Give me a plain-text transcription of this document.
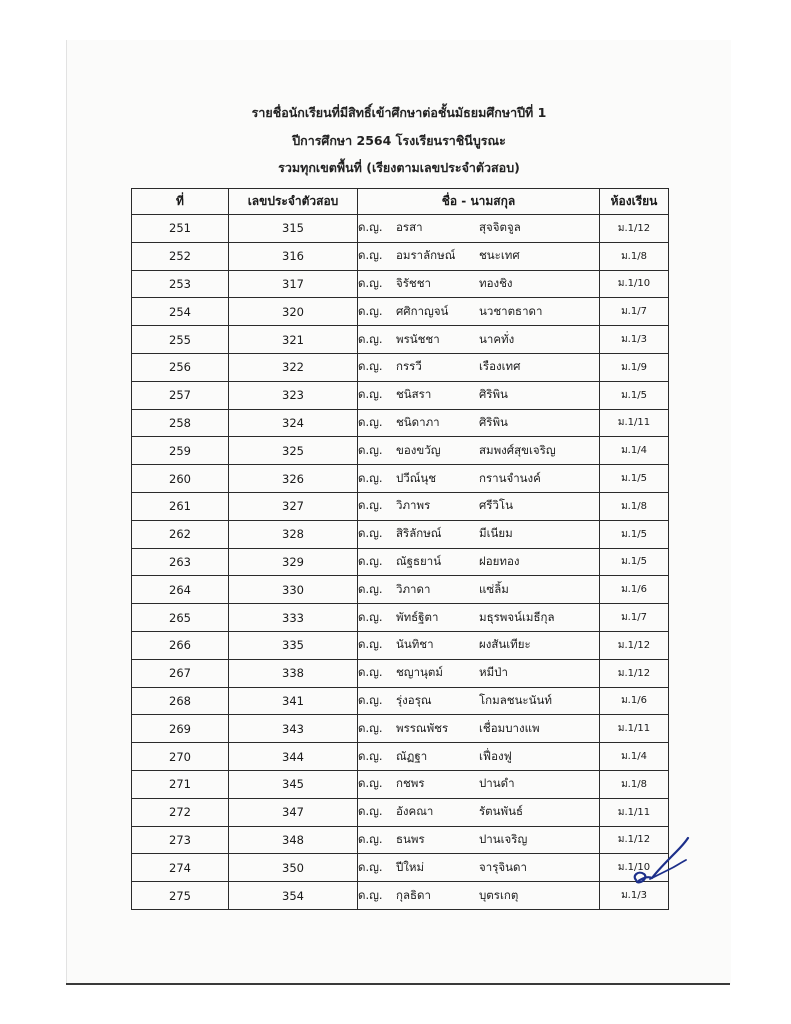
รายชื่อนักเรียนที่มีสิทธิ์เข้าศึกษาต่อชั้นมัธยมศึกษาปีที่ 1
ปีการศึกษา 2564 โรงเรียนราชินีบูรณะ
รวมทุกเขตพื้นที่ (เรียงตามเลขประจำตัวสอบ)
ที่	เลขประจำตัวสอบ	ชื่อ - นามสกุล	ห้องเรียน
251	315	ด.ญ. อรสา สุจจิตจูล	ม.1/12
252	316	ด.ญ. อมราลักษณ์ ชนะเทศ	ม.1/8
253	317	ด.ญ. จิรัชชา ทองชิง	ม.1/10
254	320	ด.ญ. ศศิกาญจน์ นวชาตธาดา	ม.1/7
255	321	ด.ญ. พรนัชชา นาคทั่ง	ม.1/3
256	322	ด.ญ. กรรวี เรืองเทศ	ม.1/9
257	323	ด.ญ. ชนิสรา ศิริพิน	ม.1/5
258	324	ด.ญ. ชนิดาภา ศิริพิน	ม.1/11
259	325	ด.ญ. ของขวัญ สมพงศ์สุขเจริญ	ม.1/4
260	326	ด.ญ. ปวีณ์นุช กรานจำนงค์	ม.1/5
261	327	ด.ญ. วิภาพร ศรีวิโน	ม.1/8
262	328	ด.ญ. สิริลักษณ์ มีเนียม	ม.1/5
263	329	ด.ญ. ณัฐธยาน์ ฝอยทอง	ม.1/5
264	330	ด.ญ. วิภาดา แซ่ลิ้ม	ม.1/6
265	333	ด.ญ. พัทธ์ฐิตา มธุรพจน์เมธีกุล	ม.1/7
266	335	ด.ญ. นันทิชา ผงสันเทียะ	ม.1/12
267	338	ด.ญ. ชญานุตม์ หมีป่า	ม.1/12
268	341	ด.ญ. รุ่งอรุณ โกมลชนะนันท์	ม.1/6
269	343	ด.ญ. พรรณพัชร เชื่อมบางแพ	ม.1/11
270	344	ด.ญ. ณัฏฐา เฟื่องฟู	ม.1/4
271	345	ด.ญ. กชพร ปานดำ	ม.1/8
272	347	ด.ญ. อังคณา รัตนพันธ์	ม.1/11
273	348	ด.ญ. ธนพร ปานเจริญ	ม.1/12
274	350	ด.ญ. ปีใหม่ จารุจินดา	ม.1/10
275	354	ด.ญ. กุลธิดา บุตรเกตุ	ม.1/3
